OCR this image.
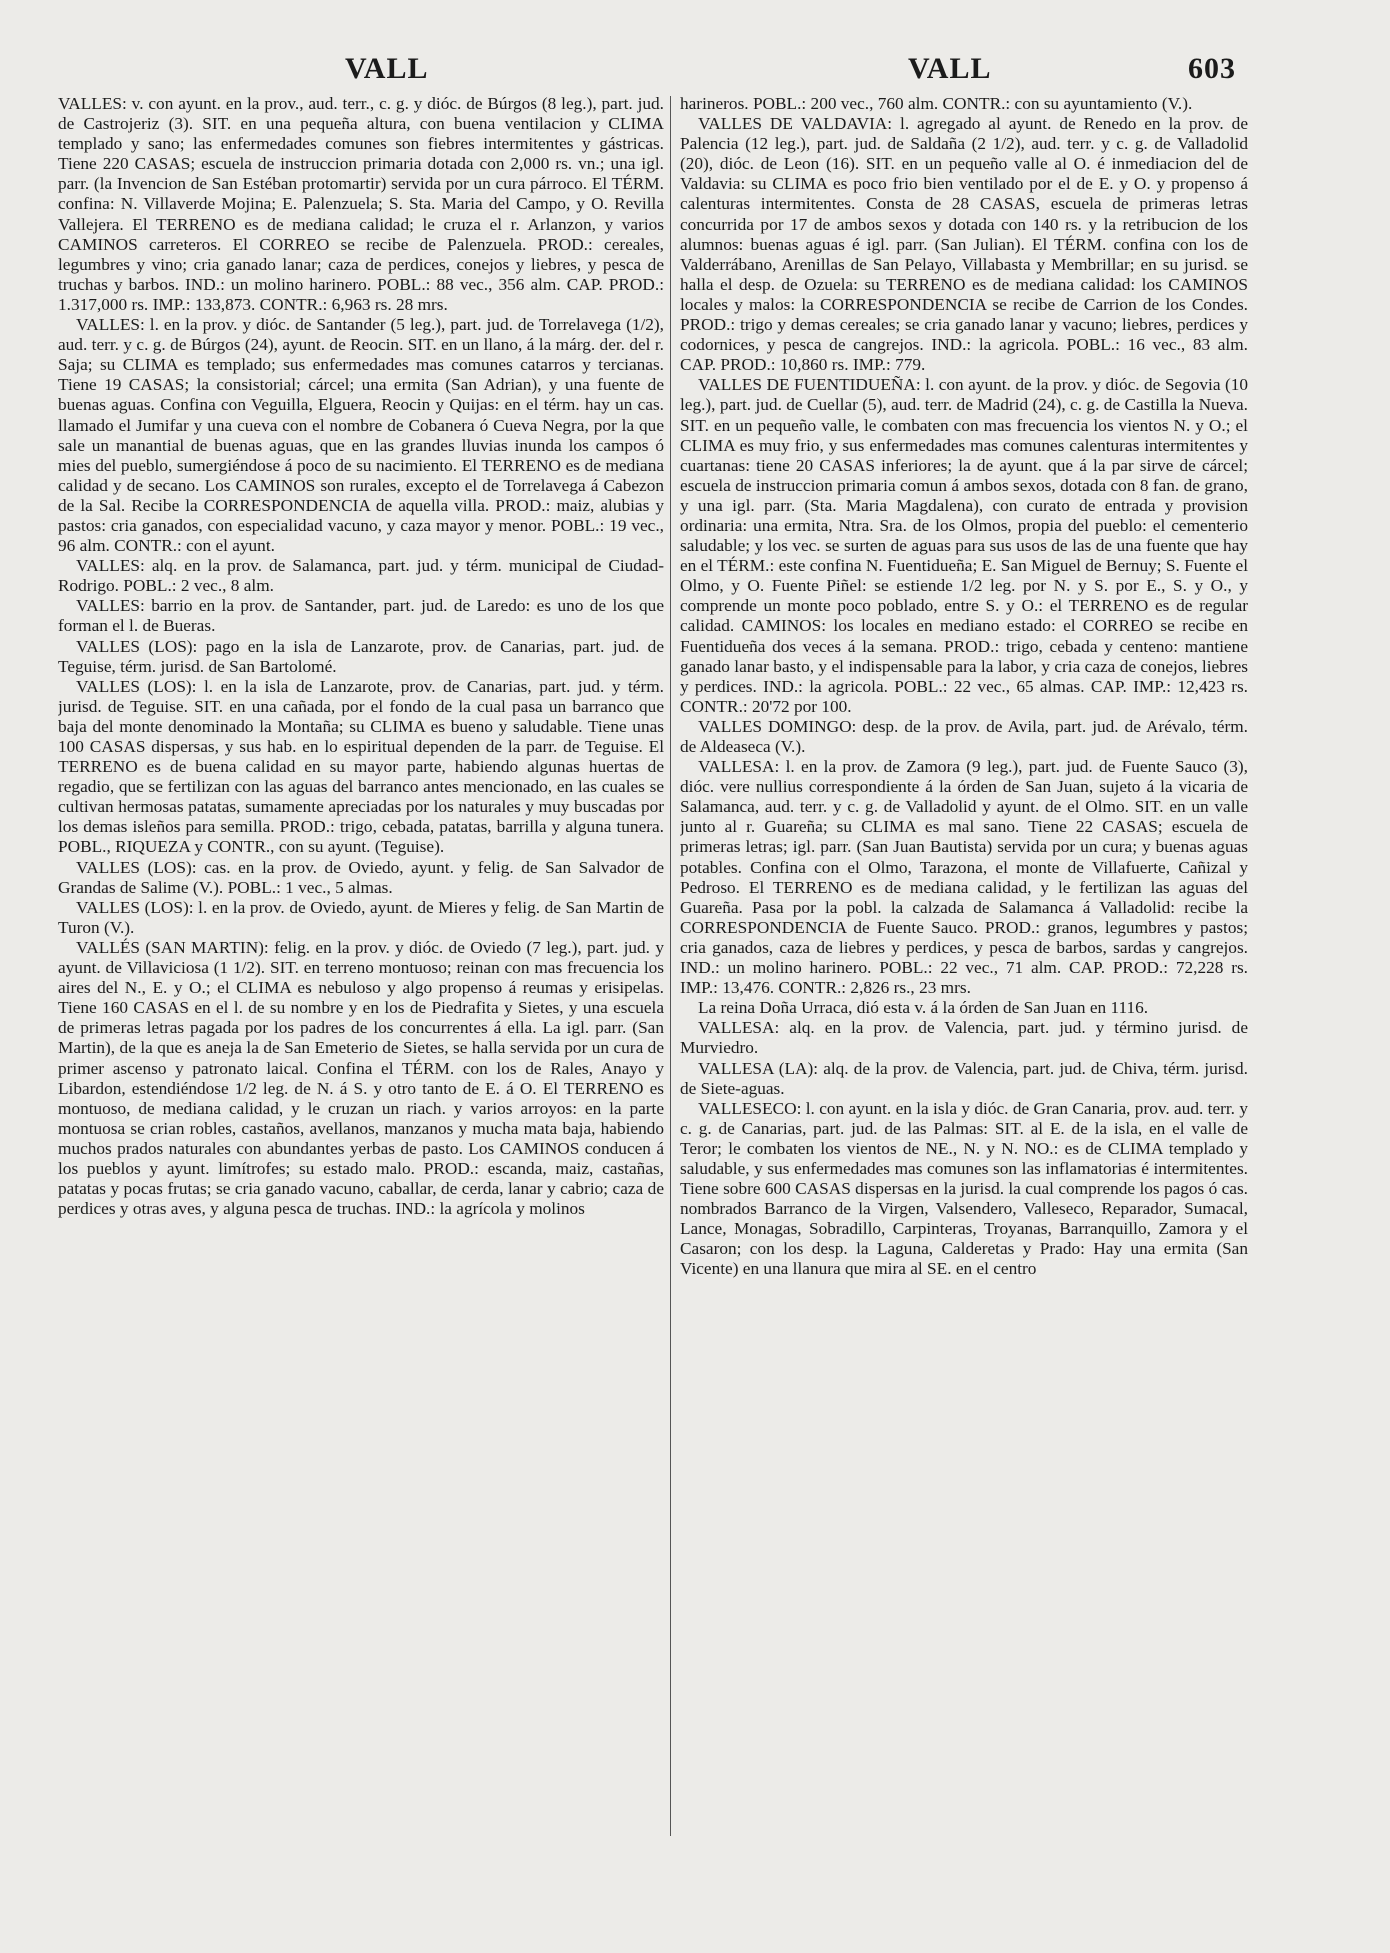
VALL	VALL	603

VALLES: v. con ayunt. en la prov., aud. terr., c. g. y dióc. de Búrgos (8 leg.), part. jud. de Castrojeriz (3). SIT. en una pequeña altura, con buena ventilacion y CLIMA templado y sano; las enfermedades comunes son fiebres intermitentes y gástricas. Tiene 220 CASAS; escuela de instruccion primaria dotada con 2,000 rs. vn.; una igl. parr. (la Invencion de San Estéban protomartir) servida por un cura párroco. El TÉRM. confina: N. Villaverde Mojina; E. Palenzuela; S. Sta. Maria del Campo, y O. Revilla Vallejera. El TERRENO es de mediana calidad; le cruza el r. Arlanzon, y varios CAMINOS carreteros. El CORREO se recibe de Palenzuela. PROD.: cereales, legumbres y vino; cria ganado lanar; caza de perdices, conejos y liebres, y pesca de truchas y barbos. IND.: un molino harinero. POBL.: 88 vec., 356 alm. CAP. PROD.: 1.317,000 rs. IMP.: 133,873. CONTR.: 6,963 rs. 28 mrs.

VALLES: l. en la prov. y dióc. de Santander (5 leg.), part. jud. de Torrelavega (1/2), aud. terr. y c. g. de Búrgos (24), ayunt. de Reocin. SIT. en un llano, á la márg. der. del r. Saja; su CLIMA es templado; sus enfermedades mas comunes catarros y tercianas. Tiene 19 CASAS; la consistorial; cárcel; una ermita (San Adrian), y una fuente de buenas aguas. Confina con Veguilla, Elguera, Reocin y Quijas: en el térm. hay un cas. llamado el Jumifar y una cueva con el nombre de Cobanera ó Cueva Negra, por la que sale un manantial de buenas aguas, que en las grandes lluvias inunda los campos ó mies del pueblo, sumergiéndose á poco de su nacimiento. El TERRENO es de mediana calidad y de secano. Los CAMINOS son rurales, excepto el de Torrelavega á Cabezon de la Sal. Recibe la CORRESPONDENCIA de aquella villa. PROD.: maiz, alubias y pastos: cria ganados, con especialidad vacuno, y caza mayor y menor. POBL.: 19 vec., 96 alm. CONTR.: con el ayunt.

VALLES: alq. en la prov. de Salamanca, part. jud. y térm. municipal de Ciudad-Rodrigo. POBL.: 2 vec., 8 alm.

VALLES: barrio en la prov. de Santander, part. jud. de Laredo: es uno de los que forman el l. de Bueras.

VALLES (LOS): pago en la isla de Lanzarote, prov. de Canarias, part. jud. de Teguise, térm. jurisd. de San Bartolomé.

VALLES (LOS): l. en la isla de Lanzarote, prov. de Canarias, part. jud. y térm. jurisd. de Teguise. SIT. en una cañada, por el fondo de la cual pasa un barranco que baja del monte denominado la Montaña; su CLIMA es bueno y saludable. Tiene unas 100 CASAS dispersas, y sus hab. en lo espiritual dependen de la parr. de Teguise. El TERRENO es de buena calidad en su mayor parte, habiendo algunas huertas de regadio, que se fertilizan con las aguas del barranco antes mencionado, en las cuales se cultivan hermosas patatas, sumamente apreciadas por los naturales y muy buscadas por los demas isleños para semilla. PROD.: trigo, cebada, patatas, barrilla y alguna tunera. POBL., RIQUEZA y CONTR., con su ayunt. (Teguise).

VALLES (LOS): cas. en la prov. de Oviedo, ayunt. y felig. de San Salvador de Grandas de Salime (V.). POBL.: 1 vec., 5 almas.

VALLES (LOS): l. en la prov. de Oviedo, ayunt. de Mieres y felig. de San Martin de Turon (V.).

VALLÉS (SAN MARTIN): felig. en la prov. y dióc. de Oviedo (7 leg.), part. jud. y ayunt. de Villaviciosa (1 1/2). SIT. en terreno montuoso; reinan con mas frecuencia los aires del N., E. y O.; el CLIMA es nebuloso y algo propenso á reumas y erisipelas. Tiene 160 CASAS en el l. de su nombre y en los de Piedrafita y Sietes, y una escuela de primeras letras pagada por los padres de los concurrentes á ella. La igl. parr. (San Martin), de la que es aneja la de San Emeterio de Sietes, se halla servida por un cura de primer ascenso y patronato laical. Confina el TÉRM. con los de Rales, Anayo y Libardon, estendiéndose 1/2 leg. de N. á S. y otro tanto de E. á O. El TERRENO es montuoso, de mediana calidad, y le cruzan un riach. y varios arroyos: en la parte montuosa se crian robles, castaños, avellanos, manzanos y mucha mata baja, habiendo muchos prados naturales con abundantes yerbas de pasto. Los CAMINOS conducen á los pueblos y ayunt. limítrofes; su estado malo. PROD.: escanda, maiz, castañas, patatas y pocas frutas; se cria ganado vacuno, caballar, de cerda, lanar y cabrio; caza de perdices y otras aves, y alguna pesca de truchas. IND.: la agrícola y molinos

harineros. POBL.: 200 vec., 760 alm. CONTR.: con su ayuntamiento (V.).

VALLES DE VALDAVIA: l. agregado al ayunt. de Renedo en la prov. de Palencia (12 leg.), part. jud. de Saldaña (2 1/2), aud. terr. y c. g. de Valladolid (20), dióc. de Leon (16). SIT. en un pequeño valle al O. é inmediacion del de Valdavia: su CLIMA es poco frio bien ventilado por el de E. y O. y propenso á calenturas intermitentes. Consta de 28 CASAS, escuela de primeras letras concurrida por 17 de ambos sexos y dotada con 140 rs. y la retribucion de los alumnos: buenas aguas é igl. parr. (San Julian). El TÉRM. confina con los de Valderrábano, Arenillas de San Pelayo, Villabasta y Membrillar; en su jurisd. se halla el desp. de Ozuela: su TERRENO es de mediana calidad: los CAMINOS locales y malos: la CORRESPONDENCIA se recibe de Carrion de los Condes. PROD.: trigo y demas cereales; se cria ganado lanar y vacuno; liebres, perdices y codornices, y pesca de cangrejos. IND.: la agricola. POBL.: 16 vec., 83 alm. CAP. PROD.: 10,860 rs. IMP.: 779.

VALLES DE FUENTIDUEÑA: l. con ayunt. de la prov. y dióc. de Segovia (10 leg.), part. jud. de Cuellar (5), aud. terr. de Madrid (24), c. g. de Castilla la Nueva. SIT. en un pequeño valle, le combaten con mas frecuencia los vientos N. y O.; el CLIMA es muy frio, y sus enfermedades mas comunes calenturas intermitentes y cuartanas: tiene 20 CASAS inferiores; la de ayunt. que á la par sirve de cárcel; escuela de instruccion primaria comun á ambos sexos, dotada con 8 fan. de grano, y una igl. parr. (Sta. Maria Magdalena), con curato de entrada y provision ordinaria: una ermita, Ntra. Sra. de los Olmos, propia del pueblo: el cementerio saludable; y los vec. se surten de aguas para sus usos de las de una fuente que hay en el TÉRM.: este confina N. Fuentidueña; E. San Miguel de Bernuy; S. Fuente el Olmo, y O. Fuente Piñel: se estiende 1/2 leg. por N. y S. por E., S. y O., y comprende un monte poco poblado, entre S. y O.: el TERRENO es de regular calidad. CAMINOS: los locales en mediano estado: el CORREO se recibe en Fuentidueña dos veces á la semana. PROD.: trigo, cebada y centeno: mantiene ganado lanar basto, y el indispensable para la labor, y cria caza de conejos, liebres y perdices. IND.: la agricola. POBL.: 22 vec., 65 almas. CAP. IMP.: 12,423 rs. CONTR.: 20'72 por 100.

VALLES DOMINGO: desp. de la prov. de Avila, part. jud. de Arévalo, térm. de Aldeaseca (V.).

VALLESA: l. en la prov. de Zamora (9 leg.), part. jud. de Fuente Sauco (3), dióc. vere nullius correspondiente á la órden de San Juan, sujeto á la vicaria de Salamanca, aud. terr. y c. g. de Valladolid y ayunt. de el Olmo. SIT. en un valle junto al r. Guareña; su CLIMA es mal sano. Tiene 22 CASAS; escuela de primeras letras; igl. parr. (San Juan Bautista) servida por un cura; y buenas aguas potables. Confina con el Olmo, Tarazona, el monte de Villafuerte, Cañizal y Pedroso. El TERRENO es de mediana calidad, y le fertilizan las aguas del Guareña. Pasa por la pobl. la calzada de Salamanca á Valladolid: recibe la CORRESPONDENCIA de Fuente Sauco. PROD.: granos, legumbres y pastos; cria ganados, caza de liebres y perdices, y pesca de barbos, sardas y cangrejos. IND.: un molino harinero. POBL.: 22 vec., 71 alm. CAP. PROD.: 72,228 rs. IMP.: 13,476. CONTR.: 2,826 rs., 23 mrs.

La reina Doña Urraca, dió esta v. á la órden de San Juan en 1116.

VALLESA: alq. en la prov. de Valencia, part. jud. y término jurisd. de Murviedro.

VALLESA (LA): alq. de la prov. de Valencia, part. jud. de Chiva, térm. jurisd. de Siete-aguas.

VALLESECO: l. con ayunt. en la isla y dióc. de Gran Canaria, prov. aud. terr. y c. g. de Canarias, part. jud. de las Palmas: SIT. al E. de la isla, en el valle de Teror; le combaten los vientos de NE., N. y N. NO.: es de CLIMA templado y saludable, y sus enfermedades mas comunes son las inflamatorias é intermitentes. Tiene sobre 600 CASAS dispersas en la jurisd. la cual comprende los pagos ó cas. nombrados Barranco de la Virgen, Valsendero, Valleseco, Reparador, Sumacal, Lance, Monagas, Sobradillo, Carpinteras, Troyanas, Barranquillo, Zamora y el Casaron; con los desp. la Laguna, Calderetas y Prado: Hay una ermita (San Vicente) en una llanura que mira al SE. en el centro
